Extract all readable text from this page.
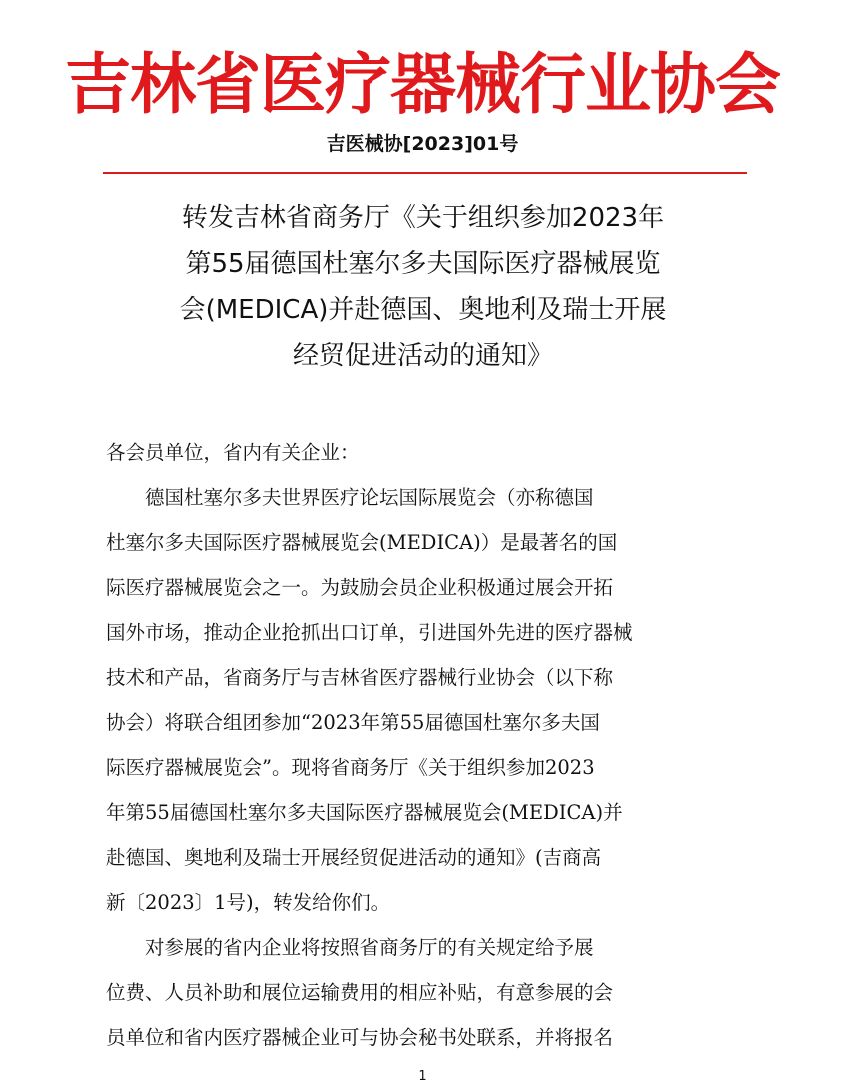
吉林省医疗器械行业协会
吉医械协[2023]01号
转发吉林省商务厅《关于组织参加2023年
第55届德国杜塞尔多夫国际医疗器械展览
会(MEDICA)并赴德国、奥地利及瑞士开展
经贸促进活动的通知》
各会员单位，省内有关企业：
　　德国杜塞尔多夫世界医疗论坛国际展览会（亦称德国
杜塞尔多夫国际医疗器械展览会(MEDICA)）是最著名的国
际医疗器械展览会之一。为鼓励会员企业积极通过展会开拓
国外市场，推动企业抢抓出口订单，引进国外先进的医疗器械
技术和产品，省商务厅与吉林省医疗器械行业协会（以下称
协会）将联合组团参加“2023年第55届德国杜塞尔多夫国
际医疗器械展览会”。现将省商务厅《关于组织参加2023
年第55届德国杜塞尔多夫国际医疗器械展览会(MEDICA)并
赴德国、奥地利及瑞士开展经贸促进活动的通知》(吉商高
新〔2023〕1号)，转发给你们。
　　对参展的省内企业将按照省商务厅的有关规定给予展
位费、人员补助和展位运输费用的相应补贴，有意参展的会
员单位和省内医疗器械企业可与协会秘书处联系，并将报名
1
